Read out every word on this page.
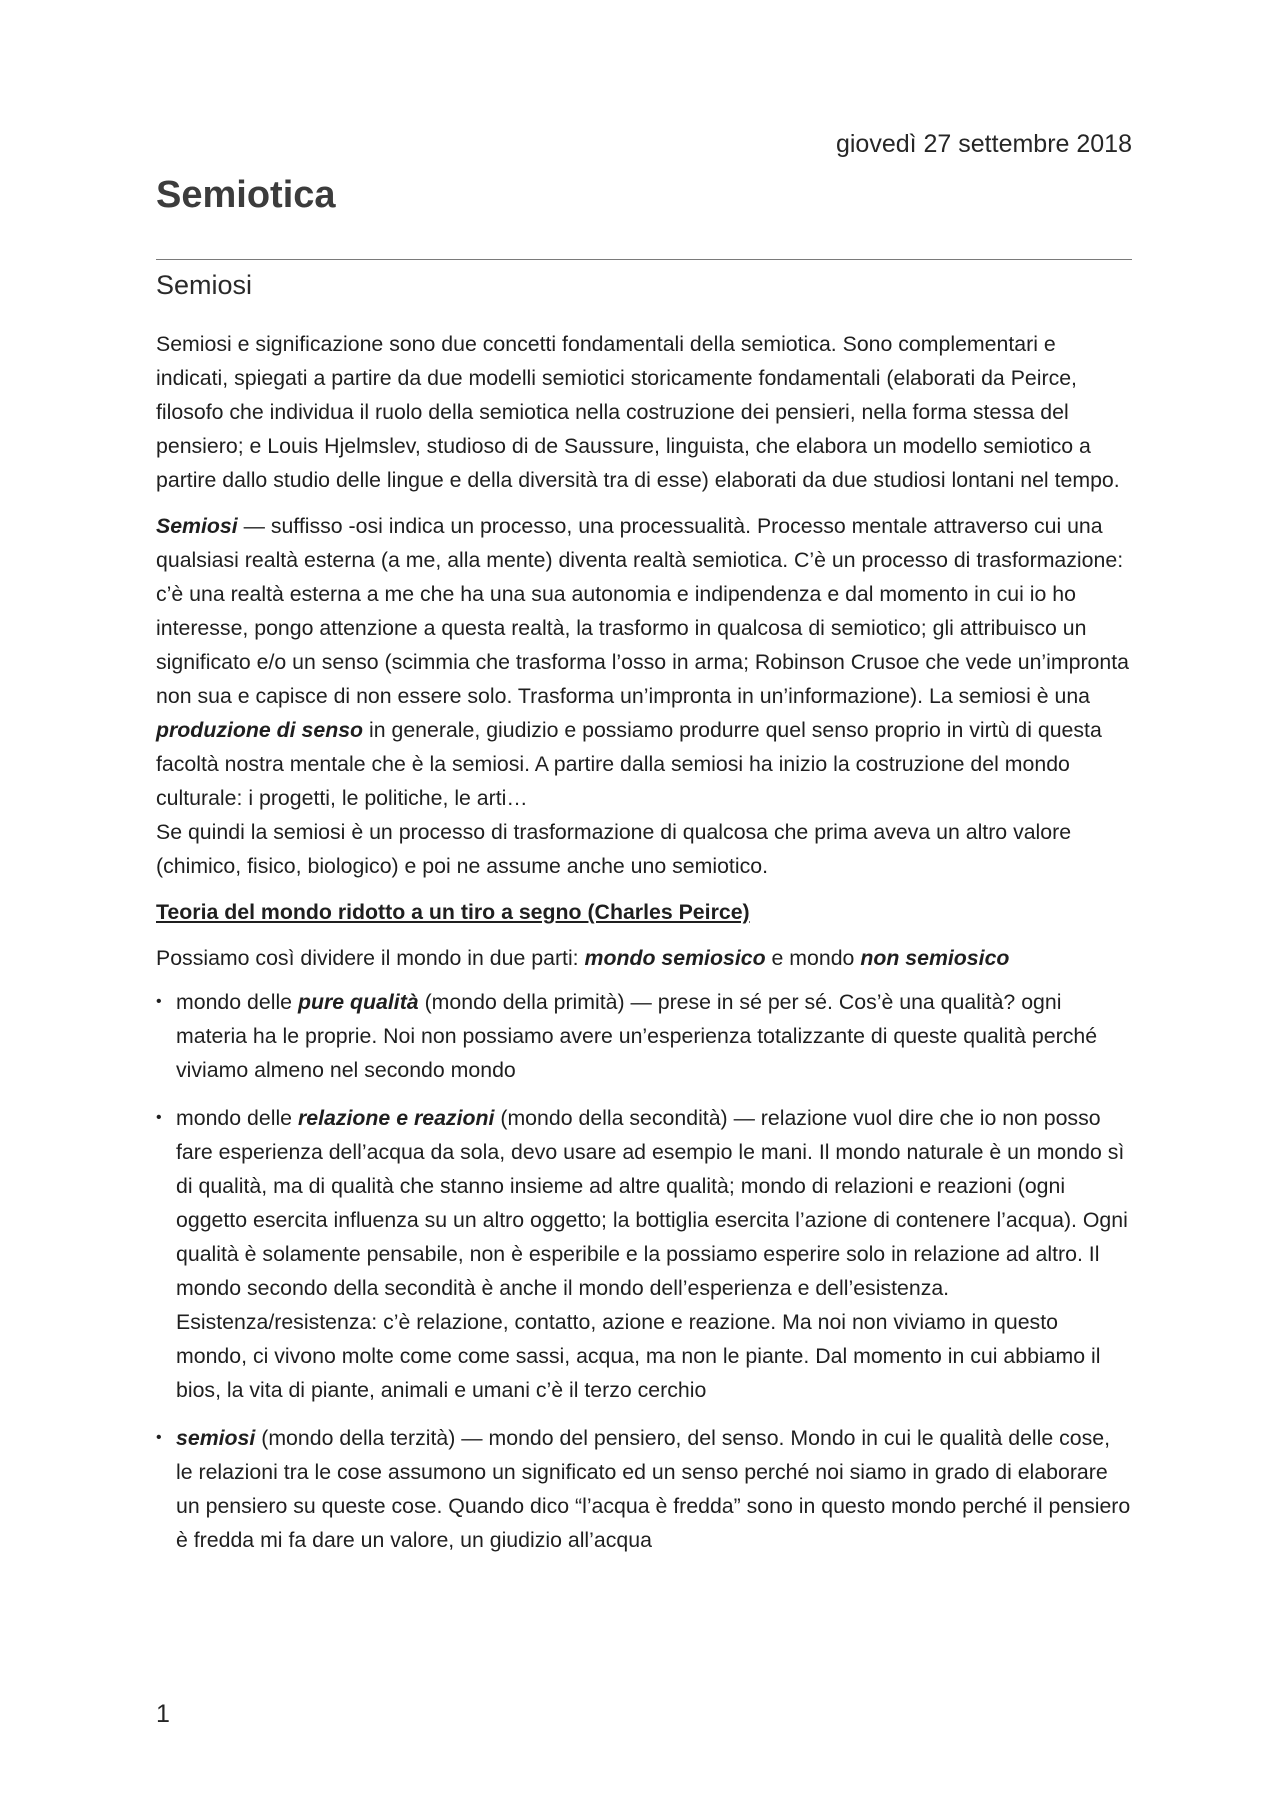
giovedì 27 settembre 2018
Semiotica
Semiosi

Semiosi e significazione sono due concetti fondamentali della semiotica. Sono complementari e indicati, spiegati a partire da due modelli semiotici storicamente fondamentali (elaborati da Peirce, filosofo che individua il ruolo della semiotica nella costruzione dei pensieri, nella forma stessa del pensiero; e Louis Hjelmslev, studioso di de Saussure, linguista, che elabora un modello semiotico a partire dallo studio delle lingue e della diversità tra di esse) elaborati da due studiosi lontani nel tempo.

Semiosi — suffisso -osi indica un processo, una processualità. Processo mentale attraverso cui una qualsiasi realtà esterna (a me, alla mente) diventa realtà semiotica. C’è un processo di trasformazione: c’è una realtà esterna a me che ha una sua autonomia e indipendenza e dal momento in cui io ho interesse, pongo attenzione a questa realtà, la trasformo in qualcosa di semiotico; gli attribuisco un significato e/o un senso (scimmia che trasforma l’osso in arma; Robinson Crusoe che vede un’impronta non sua e capisce di non essere solo. Trasforma un’impronta in un’informazione). La semiosi è una produzione di senso in generale, giudizio e possiamo produrre quel senso proprio in virtù di questa facoltà nostra mentale che è la semiosi. A partire dalla semiosi ha inizio la costruzione del mondo culturale: i progetti, le politiche, le arti…

Se quindi la semiosi è un processo di trasformazione di qualcosa che prima aveva un altro valore (chimico, fisico, biologico) e poi ne assume anche uno semiotico.

Teoria del mondo ridotto a un tiro a segno (Charles Peirce)

Possiamo così dividere il mondo in due parti: mondo semiosico e mondo non semiosico

• mondo delle pure qualità (mondo della primità) — prese in sé per sé. Cos’è una qualità? ogni materia ha le proprie. Noi non possiamo avere un’esperienza totalizzante di queste qualità perché viviamo almeno nel secondo mondo
• mondo delle relazione e reazioni (mondo della secondità) — relazione vuol dire che io non posso fare esperienza dell’acqua da sola, devo usare ad esempio le mani. Il mondo naturale è un mondo sì di qualità, ma di qualità che stanno insieme ad altre qualità; mondo di relazioni e reazioni (ogni oggetto esercita influenza su un altro oggetto; la bottiglia esercita l’azione di contenere l’acqua). Ogni qualità è solamente pensabile, non è esperibile e la possiamo esperire solo in relazione ad altro. Il mondo secondo della secondità è anche il mondo dell’esperienza e dell’esistenza. Esistenza/resistenza: c’è relazione, contatto, azione e reazione. Ma noi non viviamo in questo mondo, ci vivono molte come come sassi, acqua, ma non le piante. Dal momento in cui abbiamo il bios, la vita di piante, animali e umani c’è il terzo cerchio
• semiosi (mondo della terzità) — mondo del pensiero, del senso. Mondo in cui le qualità delle cose, le relazioni tra le cose assumono un significato ed un senso perché noi siamo in grado di elaborare un pensiero su queste cose. Quando dico “l’acqua è fredda” sono in questo mondo perché il pensiero è fredda mi fa dare un valore, un giudizio all’acqua
1
